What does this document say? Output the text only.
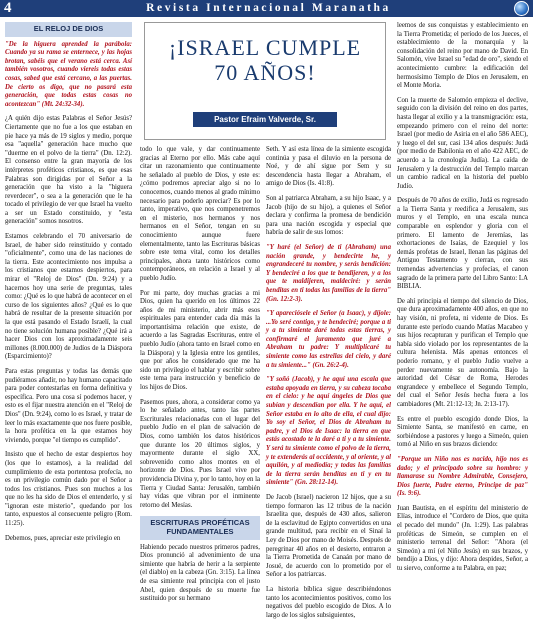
4	Revista Internacional Maranatha
EL RELOJ DE DIOS

"De la higuera aprended la parábola: Cuando ya su rama se enternece, y las hojas brotan, sabéis que el verano está cerca. Así también vosotros, cuando viereis todas estas cosas, sabed que está cercano, a las puertas. De cierto os digo, que no pasará esta generación, que todas estas cosas no acontezcan" (Mt. 24:32-34).

¿A quién dijo estas Palabras el Señor Jesús? Ciertamente que no fue a los que estaban en pie hace ya más de 19 siglos y medio, porque esa "aquella" generación hace mucho que "duerme en el polvo de la tierra" (Dn. 12:2). El consenso entre la gran mayoría de los intérpretes proféticos cristianos, es que esas Palabras son dirigidas por el Señor a la generación que ha visto a la "higuera reverdecer", o sea a la generación que le ha tocado el privilegio de ver que Israel ha vuelto a ser un Estado constituido, y "esta generación" somos nosotros.

Estamos celebrando el 70 aniversario de Israel, de haber sido reinstituido y contado "oficialmente", como una de las naciones de la tierra. Este acontecimiento nos impulsa a los cristianos que estamos despiertos, para mirar el "Reloj de Dios" (Dn. 9:24) y a hacernos hoy una serie de preguntas, tales como: ¿Qué es lo que habrá de acontecer en el curso de los siguientes años? ¿Qué es lo que habrá de resultar de la presente situación por la que está pasando el Estado Israelí, la cual no tiene solución humana posible? ¿Qué irá a hacer Dios con los aproximadamente seis millones (8.000.000) de Judíos de la Diáspora (Esparcimiento)?

Para estas preguntas y todas las demás que pudiéramos añadir, no hay humano capacitado para poder contestarlas en forma definitiva y específica. Pero una cosa sí podemos hacer, y esto es el fijar nuestra atención en el "Reloj de Dios" (Dn. 9:24), como lo es Israel, y tratar de leer lo más exactamente que nos fuere posible, la hora profética en la que estamos hoy viviendo, porque "el tiempo es cumplido".

Insisto que el hecho de estar despiertos hoy (los que lo estamos), a la realidad del cumplimiento de esta portentosa profecía, no es un privilegio común dado por el Señor a todos los cristianos. Pues son muchos a los que no les ha sido de Dios el entenderlo, y sí "ignoran este misterio", quedando por los tanto, expuestos al consecuente peligro (Rom. 11:25).

Debemos, pues, apreciar este privilegio en

¡ISRAEL CUMPLE
70 AÑOS!
Pastor Efraim Valverde, Sr.

todo lo que vale, y dar continuamente gracias al Eterno por ello. Más cabe aquí citar un razonamiento que continuamente he señalado al pueblo de Dios, y este es: ¿cómo podremos apreciar algo si no lo conocemos, cuando menos al grado mínimo necesario para poderlo apreciar? Es por lo tanto, imperativo, que nos compenetremos en el misterio, nos hermanos y nos hermanos en el Señor, tengan en su conocimiento aunque fuere elementalmente, tanto las Escrituras básicas sobre este tema vital, como los detalles principales, ahora tanto históricos como contemporáneos, en relación a Israel y al pueblo Judío.

Por mi parte, doy muchas gracias a mi Dios, quien ha querido en los últimos 22 años de mi ministerio, abrir más esos espirituales para entender cada día más la importantísima relación que existe, de acuerdo a las Sagradas Escrituras, entre el pueblo Judío (ahora tanto en Israel como en la Diáspora) y la Iglesia entre los gentiles, que por años he considerado que me ha sido un privilegio el hablar y escribir sobre este tema para instrucción y beneficio de los hijos de Dios.

Pasemos pues, ahora, a considerar como ya lo he señalado antes, tanto las partes Escriturales relacionadas con el lugar del pueblo Judío en el plan de salvación de Dios, como también los datos históricos que durante los 20 últimos siglos, y mayormente durante el siglo XX, sobrevenido como altos montes en el horizonte de Dios. Pues Israel vive por providencia Divina y, por lo tanto, hoy en la Tierra y Ciudad Santa: Jerusalén, también hay vidas que vibran por el inminente retorno del Mesías.

ESCRITURAS PROFÉTICAS FUNDAMENTALES

Habiendo pecado nuestros primeros padres, Dios pronunció al advenimiento de una simiente que habría de herir a la serpiente (el diablo) en la cabeza (Gn. 3:15). La línea de esa simiente real principia con el justo Abel, quien después de su muerte fue sustituido por su hermano

Seth. Y así esta línea de la simiente escogida continúa y pasa el diluvio en la persona de Noé, y de ahí sigue por Sem y su descendencia hasta llegar a Abraham, el amigo de Dios (Is. 41:8).

Son al patriarca Abraham, a su hijo Isaac, y a Jacob (hijo de su hijo), a quienes el Señor declara y confirma la promesa de bendición para una nación escogida y especial que habría de salir de sus lomos:

"Y haré (el Señor) de ti (Abraham) una nación grande, y bendecirte he, y engrandeceré tu nombre, y serás bendición: Y bendeciré a los que te bendijeren, y a los que te maldijeren, maldeciré: y serán benditas en ti todas las familias de la tierra" (Gn. 12:2-3).

"Y apareciósele el Señor (a Isaac), y díjole: ...Yo seré contigo, y te bendeciré; porque a ti y a tu simiente daré todas estas tierras, y confirmaré el juramento que juré a Abraham tu padre: Y multiplicaré tu simiente como las estrellas del cielo, y daré a tu simiente..." (Gn. 26:2-4).

"Y soñó (Jacob), y he aquí una escala que estaba apoyada en tierra, y su cabeza tocaba en el cielo: y he aquí ángeles de Dios que subían y descendían por ella. Y he aquí, el Señor estaba en lo alto de ella, el cual dijo: Yo soy el Señor, el Dios de Abraham tu padre, y el Dios de Isaac: la tierra en que estás acostado te la daré a ti y a tu simiente. Y será tu simiente como el polvo de la tierra, y te extenderás al occidente, y al oriente, y al aquilón, y al mediodía; y todas las familias de la tierra serán benditas en ti y en tu simiente" (Gn. 28:12-14).

De Jacob (Israel) nacieron 12 hijos, que a su tiempo formaron las 12 tribus de la nación Israelita que, después de 430 años, salieron de la esclavitud de Egipto convertidos en una grande multitud, para recibir en el Sinaí la Ley de Dios por mano de Moisés. Después de peregrinar 40 años en el desierto, entraron a la Tierra Prometida de Canaán por mano de Josué, de acuerdo con lo prometido por el Señor a los patriarcas.

La historia bíblica sigue describiéndonos tanto los acontecimientos positivos, como los negativos del pueblo escogido de Dios. A lo largo de los siglos subsiguientes,

leemos de sus conquistas y establecimiento en la Tierra Prometida; el período de los Jueces, el establecimiento de la monarquía y la consolidación del reino por mano de David. En Salomón, vive Israel su "edad de oro", siendo el acontecimiento cumbre: la edificación del hermosísimo Templo de Dios en Jerusalem, en el Monte Moria.

Con la muerte de Salomón empieza el declive, seguido con la división del reino en dos partes, hasta llegar al exilio y a la transmigración: esta, empezando primero con el reino del norte: Israel (por medio de Asiria en el año 586 AEC), y luego el del sur, casi 134 años después: Judá (por medio de Babilonia en el año 422 AEC, de acuerdo a la cronología Judía). La caída de Jerusalem y la destrucción del Templo marcan un cambio radical en la historia del pueblo Judío.

Después de 70 años de exilio, Judá es regresado a la Tierra Santa y reedifica a Jerusalem, sus muros y el Templo, en una escala nunca comparable en esplendor y gloria con el primero. El lamento de Jeremías, las exhortaciones de Isaías, de Ezequiel y los demás profetas de Israel, llenan las páginas del Antiguo Testamento y cierran, con sus tremendas advertencias y profecías, el canon sagrado de la primera parte del Libro Santo: LA BIBLIA.

De ahí principia el tiempo del silencio de Dios, que dura aproximadamente 400 años, en que no hay visión, ni profeta, ni vidente de Dios. Es durante este período cuando Matías Macabeo y sus hijos recapturan y purifican el Templo que había sido violado por los representantes de la cultura helenista. Más apenas entonces el poderío romano, y el pueblo Judío vuelve a perder nuevamente su autonomía. Bajo la autoridad del César de Roma, Herodes engrandece y embellece el Segundo Templo, del cual el Señor Jesús hecha fuera a los cambiadores (Mt. 21:12-13; Jn. 2:13-17).

Es entre el pueblo escogido donde Dios, la Simiente Santa, se manifestó en carne, en sorbiéndose a pastores y luego a Simeón, quien tomó al Niño en sus brazos diciendo:

"Porque un Niño nos es nacido, hijo nos es dado; y el principado sobre su hombro: y llamarase su Nombre Admirable, Consejero, Dios fuerte, Padre eterno, Príncipe de paz" (Is. 9:6).

Juan Bautista, en el espíritu del ministerio de Elías, introduce el "Cordero de Dios, que quita el pecado del mundo" (Jn. 1:29). Las palabras proféticas de Simeón, se cumplen en el ministerio terrenal del Señor: "Ahora (el Simeón) a mí (el Niño Jesús) en sus brazos, y bendijo a Dios, y dijo: Ahora despides, Señor, a tu siervo, conforme a tu Palabra, en paz;
